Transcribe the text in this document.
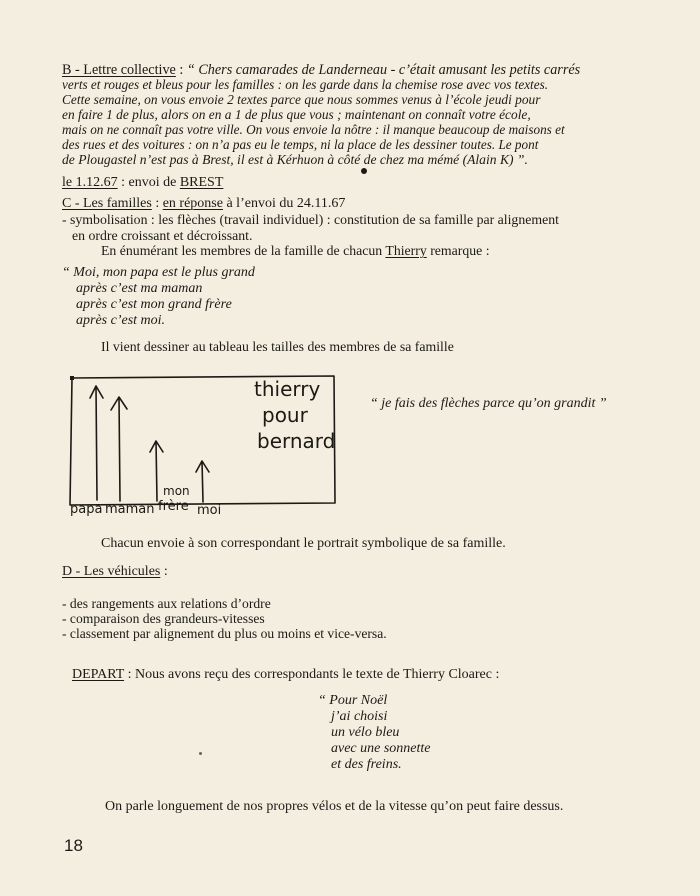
B - Lettre collective : “ Chers camarades de Landerneau - c’était amusant les petits carrés
verts et rouges et bleus pour les familles : on les garde dans la chemise rose avec vos textes.
Cette semaine, on vous envoie 2 textes parce que nous sommes venus à l’école jeudi pour
en faire 1 de plus, alors on en a 1 de plus que vous ; maintenant on connaît votre école,
mais on ne connaît pas votre ville. On vous envoie la nôtre : il manque beaucoup de maisons et
des rues et des voitures : on n’a pas eu le temps, ni la place de les dessiner toutes. Le pont
de Plougastel n’est pas à Brest, il est à Kérhuon à côté de chez ma mémé (Alain K) ”.
le 1.12.67 : envoi de BREST
C - Les familles : en réponse à l’envoi du 24.11.67
- symbolisation : les flèches (travail individuel) : constitution de sa famille par alignement
en ordre croissant et décroissant.
En énumérant les membres de la famille de chacun Thierry remarque :
“ Moi, mon papa est le plus grand
après c’est ma maman
après c’est mon grand frère
après c’est moi.
Il vient dessiner au tableau les tailles des membres de sa famille
thierry
pour
bernard
papa maman
mon
frère moi
“ je fais des flèches parce qu’on grandit ”
Chacun envoie à son correspondant le portrait symbolique de sa famille.
D - Les véhicules :
- des rangements aux relations d’ordre
- comparaison des grandeurs-vitesses
- classement par alignement du plus ou moins et vice-versa.
DEPART : Nous avons reçu des correspondants le texte de Thierry Cloarec :
“ Pour Noël
j’ai choisi
un vélo bleu
avec une sonnette
et des freins.
On parle longuement de nos propres vélos et de la vitesse qu’on peut faire dessus.
18
